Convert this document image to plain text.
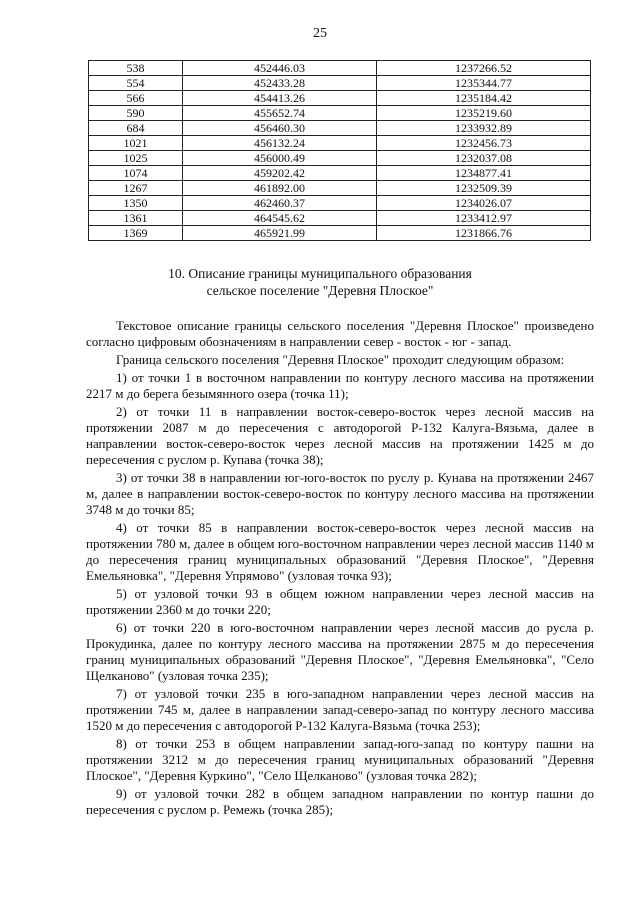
25
538	452446.03	1237266.52
554	452433.28	1235344.77
566	454413.26	1235184.42
590	455652.74	1235219.60
684	456460.30	1233932.89
1021	456132.24	1232456.73
1025	456000.49	1232037.08
1074	459202.42	1234877.41
1267	461892.00	1232509.39
1350	462460.37	1234026.07
1361	464545.62	1233412.97
1369	465921.99	1231866.76
10. Описание границы муниципального образования
сельское поселение "Деревня Плоское"

Текстовое описание границы сельского поселения "Деревня Плоское" произведено согласно цифровым обозначениям в направлении север - восток - юг - запад.

Граница сельского поселения "Деревня Плоское" проходит следующим образом:

1) от точки 1 в восточном направлении по контуру лесного массива на протяжении 2217 м до берега безымянного озера (точка 11);

2) от точки 11 в направлении восток-северо-восток через лесной массив на протяжении 2087 м до пересечения с автодорогой Р-132 Калуга-Вязьма, далее в направлении восток-северо-восток через лесной массив на протяжении 1425 м до пересечения с руслом р. Купава (точка 38);

3) от точки 38 в направлении юг-юго-восток по руслу р. Кунава на протяжении 2467 м, далее в направлении восток-северо-восток по контуру лесного массива на протяжении 3748 м до точки 85;

4) от точки 85 в направлении восток-северо-восток через лесной массив на протяжении 780 м, далее в общем юго-восточном направлении через лесной массив 1140 м до пересечения границ муниципальных образований "Деревня Плоское", "Деревня Емельяновка", "Деревня Упрямово" (узловая точка 93);

5) от узловой точки 93 в общем южном направлении через лесной массив на протяжении 2360 м до точки 220;

6) от точки 220 в юго-восточном направлении через лесной массив до русла р. Прокудинка, далее по контуру лесного массива на протяжении 2875 м до пересечения границ муниципальных образований "Деревня Плоское", "Деревня Емельяновка", "Село Щелканово" (узловая точка 235);

7) от узловой точки 235 в юго-западном направлении через лесной массив на протяжении 745 м, далее в направлении запад-северо-запад по контуру лесного массива 1520 м до пересечения с автодорогой Р-132 Калуга-Вязьма (точка 253);

8) от точки 253 в общем направлении запад-юго-запад по контуру пашни на протяжении 3212 м до пересечения границ муниципальных образований "Деревня Плоское", "Деревня Куркино", "Село Щелканово" (узловая точка 282);

9) от узловой точки 282 в общем западном направлении по контур пашни до пересечения с руслом р. Ремежь (точка 285);
